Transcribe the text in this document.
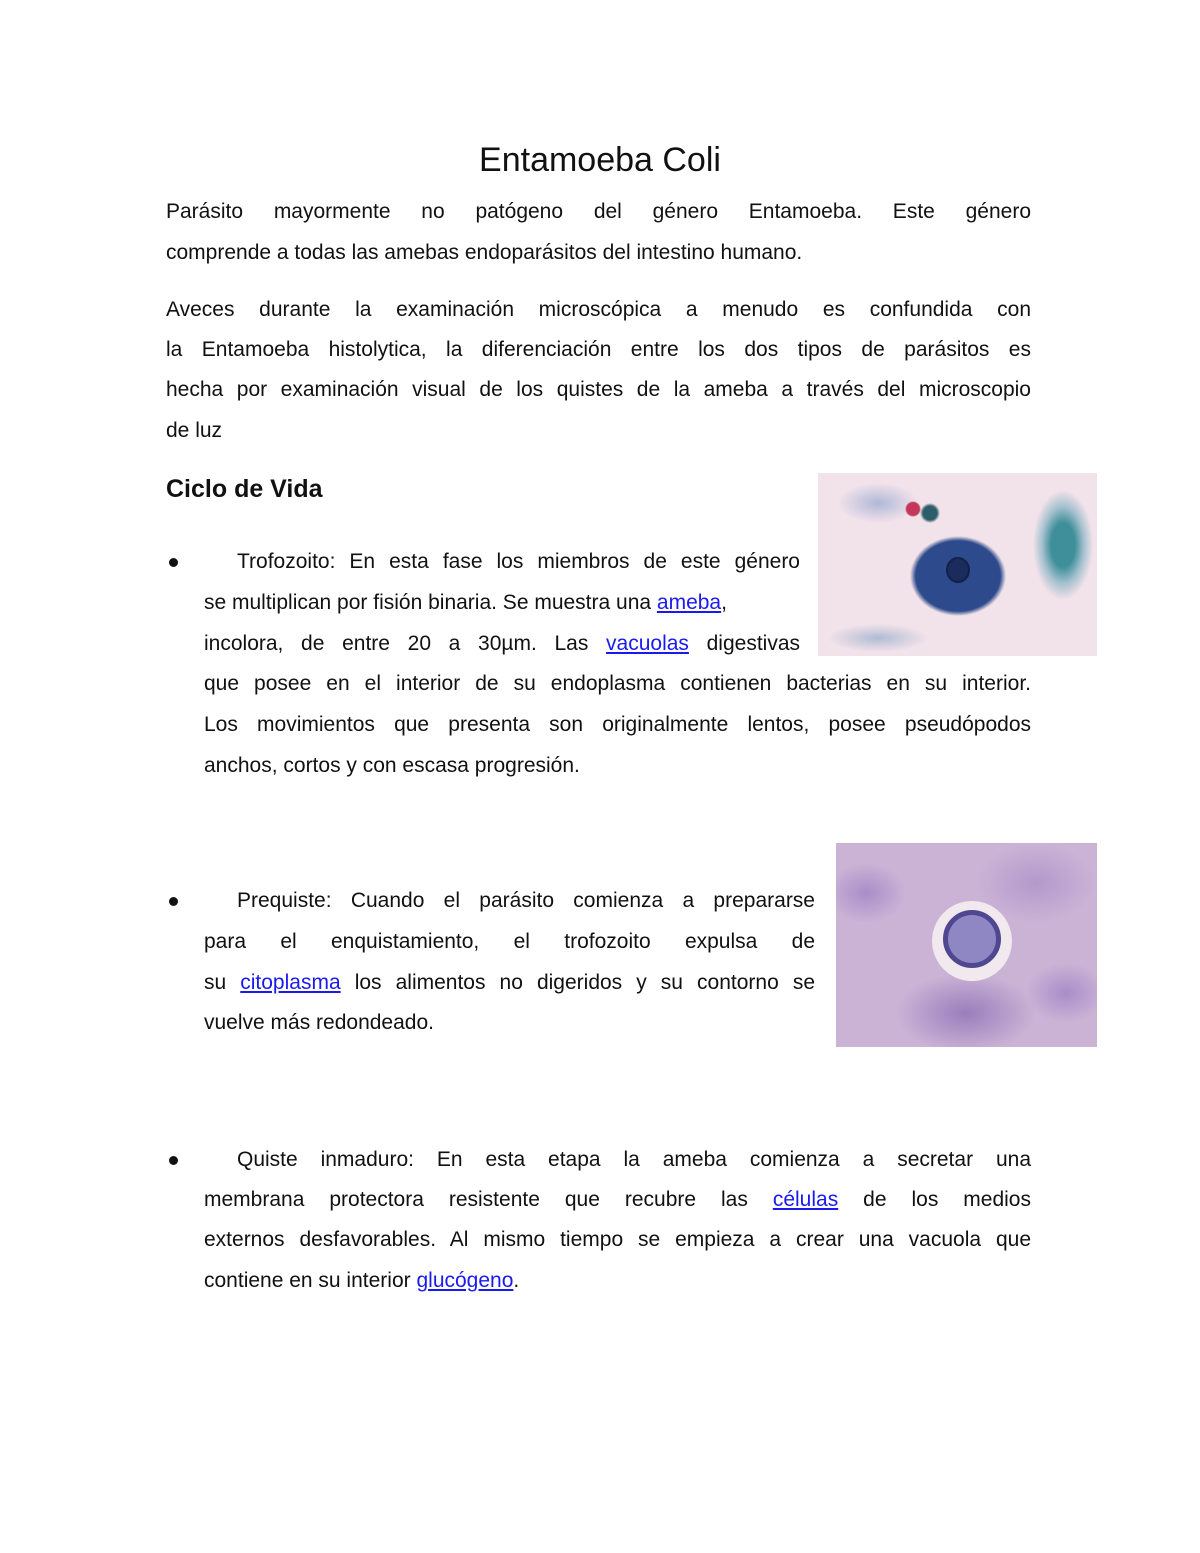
Entamoeba Coli
Parásito mayormente no patógeno del género Entamoeba. Este género
comprende a todas las amebas endoparásitos del intestino humano.
Aveces durante la examinación microscópica a menudo es confundida con
la Entamoeba histolytica, la diferenciación entre los dos tipos de parásitos es
hecha por examinación visual de los quistes de la ameba a través del microscopio
de luz
Ciclo de Vida
Trofozoito: En esta fase los miembros de este género
se multiplican por fisión binaria. Se muestra una ameba,
incolora, de entre 20 a 30µm. Las vacuolas digestivas
que posee en el interior de su endoplasma contienen bacterias en su interior.
Los movimientos que presenta son originalmente lentos, posee pseudópodos
anchos, cortos y con escasa progresión.
Prequiste: Cuando el parásito comienza a prepararse
para el enquistamiento, el trofozoito expulsa de
su citoplasma los alimentos no digeridos y su contorno se
vuelve más redondeado.
Quiste inmaduro: En esta etapa la ameba comienza a secretar una
membrana protectora resistente que recubre las células de los medios
externos desfavorables. Al mismo tiempo se empieza a crear una vacuola que
contiene en su interior glucógeno.
